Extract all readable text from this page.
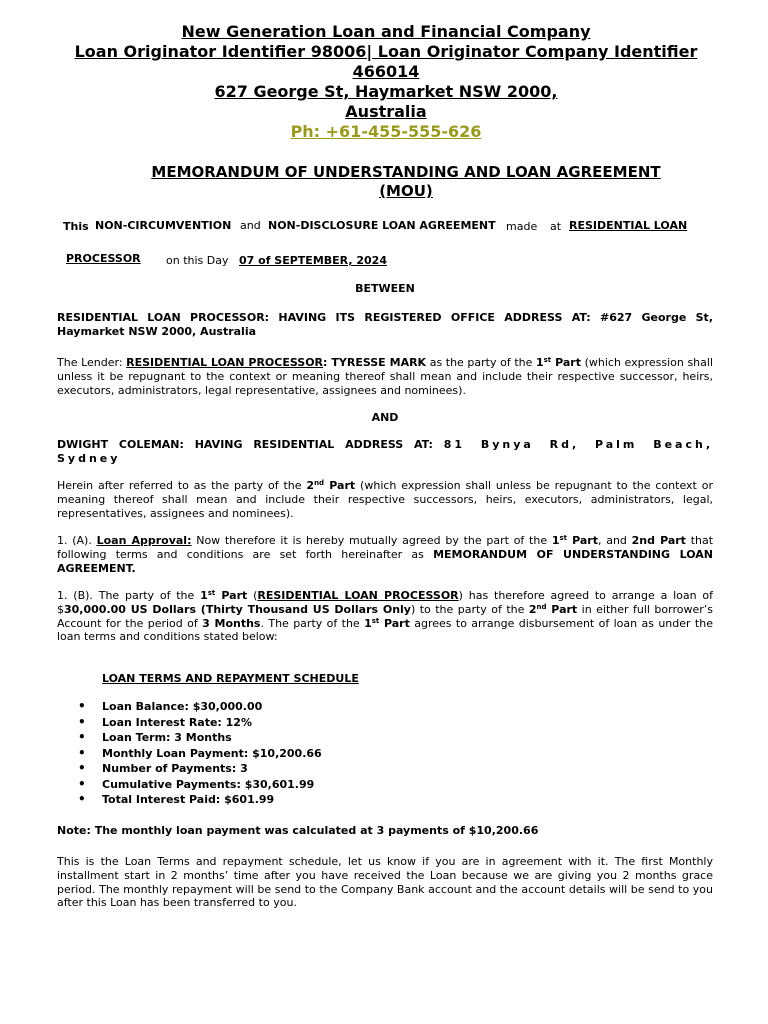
New Generation Loan and Financial Company
Loan Originator Identifier 98006| Loan Originator Company Identifier
466014
627 George St, Haymarket NSW 2000,
Australia
Ph: +61-455-555-626
MEMORANDUM OF UNDERSTANDING AND LOAN AGREEMENT
(MOU)
This NON-CIRCUMVENTION and NON-DISCLOSURE LOAN AGREEMENT made at RESIDENTIAL LOAN
PROCESSOR on this Day 07 of SEPTEMBER, 2024
BETWEEN
RESIDENTIAL LOAN PROCESSOR: HAVING ITS REGISTERED OFFICE ADDRESS AT: #627 George St,
Haymarket NSW 2000, Australia
The Lender: RESIDENTIAL LOAN PROCESSOR: TYRESSE MARK as the party of the 1st Part (which expression shall unless it be repugnant to the context or meaning thereof shall mean and include their respective successor, heirs, executors, administrators, legal representative, assignees and nominees).
AND
DWIGHT COLEMAN: HAVING RESIDENTIAL ADDRESS AT: 81 Bynya Rd, Palm Beach, Sydney
Herein after referred to as the party of the 2nd Part (which expression shall unless be repugnant to the context or meaning thereof shall mean and include their respective successors, heirs, executors, administrators, legal, representatives, assignees and nominees).
1. (A). Loan Approval: Now therefore it is hereby mutually agreed by the part of the 1st Part, and 2nd Part that following terms and conditions are set forth hereinafter as MEMORANDUM OF UNDERSTANDING LOAN AGREEMENT.
1. (B). The party of the 1st Part (RESIDENTIAL LOAN PROCESSOR) has therefore agreed to arrange a loan of $30,000.00 US Dollars (Thirty Thousand US Dollars Only) to the party of the 2nd Part in either full borrower’s Account for the period of 3 Months. The party of the 1st Part agrees to arrange disbursement of loan as under the loan terms and conditions stated below:
LOAN TERMS AND REPAYMENT SCHEDULE
• Loan Balance: $30,000.00
• Loan Interest Rate: 12%
• Loan Term: 3 Months
• Monthly Loan Payment: $10,200.66
• Number of Payments: 3
• Cumulative Payments: $30,601.99
• Total Interest Paid: $601.99
Note: The monthly loan payment was calculated at 3 payments of $10,200.66
This is the Loan Terms and repayment schedule, let us know if you are in agreement with it. The first Monthly installment start in 2 months’ time after you have received the Loan because we are giving you 2 months grace period. The monthly repayment will be send to the Company Bank account and the account details will be send to you after this Loan has been transferred to you.
